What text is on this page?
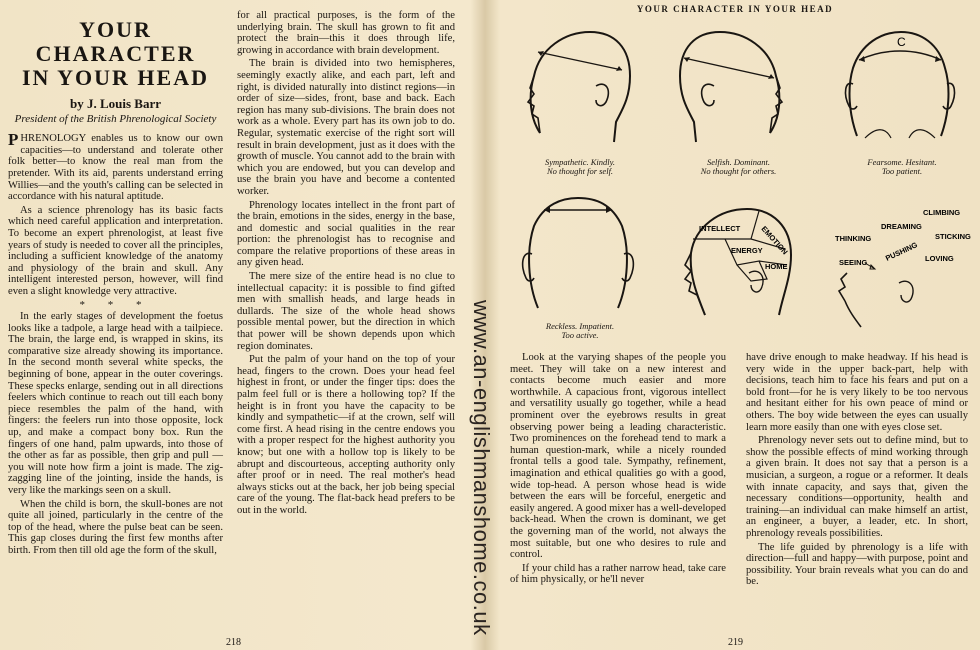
YOUR CHARACTER
IN YOUR HEAD
by J. Louis Barr
President of the British Phrenological Society

PHRENOLOGY enables us to know our own capacities—to understand and tolerate other folk better—to know the real man from the pretender. With its aid, parents understand erring Willies—and the youth's calling can be selected in accordance with his natural aptitude.

As a science phrenology has its basic facts which need careful application and interpretation. To become an expert phrenologist, at least five years of study is needed to cover all the principles, including a sufficient knowledge of the anatomy and physiology of the brain and skull. Any intelligent interested person, however, will find even a slight knowledge very attractive.

* * *

In the early stages of development the foetus looks like a tadpole, a large head with a tailpiece. The brain, the large end, is wrapped in skins, its comparative size already showing its importance. In the second month several white specks, the beginning of bone, appear in the outer coverings. These specks enlarge, sending out in all directions feelers which continue to reach out till each bony piece resembles the palm of the hand, with fingers: the feelers run into those opposite, lock up, and make a compact bony box. Run the fingers of one hand, palm upwards, into those of the other as far as possible, then grip and pull —you will note how firm a joint is made. The zig-zagging line of the jointing, inside the hands, is very like the markings seen on a skull.

When the child is born, the skull-bones are not quite all joined, particularly in the centre of the top of the head, where the pulse beat can be seen. This gap closes during the first few months after birth. From then till old age the form of the skull,

for all practical purposes, is the form of the underlying brain. The skull has grown to fit and protect the brain—this it does through life, growing in accordance with brain development.

The brain is divided into two hemispheres, seemingly exactly alike, and each part, left and right, is divided naturally into distinct regions—in order of size—sides, front, base and back. Each region has many sub-divisions. The brain does not work as a whole. Every part has its own job to do. Regular, systematic exercise of the right sort will result in brain development, just as it does with the growth of muscle. You cannot add to the brain with which you are endowed, but you can develop and use the brain you have and become a contented worker.

Phrenology locates intellect in the front part of the brain, emotions in the sides, energy in the base, and domestic and social qualities in the rear portion: the phrenologist has to recognise and compare the relative proportions of these areas in any given head.

The mere size of the entire head is no clue to intellectual capacity: it is possible to find gifted men with smallish heads, and large heads in dullards. The size of the whole head shows possible mental power, but the direction in which that power will be shown depends upon which region dominates.

Put the palm of your hand on the top of your head, fingers to the crown. Does your head feel highest in front, or under the finger tips: does the palm feel full or is there a hollowing top? If the height is in front you have the capacity to be kindly and sympathetic—if at the crown, self will come first. A head rising in the centre endows you with a proper respect for the highest authority you know; but one with a hollow top is likely to be abrupt and discourteous, accepting authority only after proof or in need. The real mother's head always sticks out at the back, her job being special care of the young. The flat-back head prefers to be out in the world.

218
www.an-englishmanshome.co.uk
YOUR CHARACTER IN YOUR HEAD
Sympathetic. Kindly.
No thought for self.
Selfish. Dominant.
No thought for others.
C
Fearsome. Hesitant.
Too patient.
Reckless. Impatient.
Too active.
INTELLECT	EMOTION
ENERGY
HOME
CLIMBING
DREAMING
THINKING	STICKING
PUSHING
SEEING	LOVING

Look at the varying shapes of the people you meet. They will take on a new interest and contacts become much easier and more worthwhile. A capacious front, vigorous intellect and versatility usually go together, while a head prominent over the eyebrows results in great observing power being a leading characteristic. Two prominences on the forehead tend to mark a human question-mark, while a nicely rounded frontal tells a good tale. Sympathy, refinement, imagination and ethical qualities go with a good, wide top-head. A person whose head is wide between the ears will be forceful, energetic and easily angered. A good mixer has a well-developed back-head. When the crown is dominant, we get the governing man of the world, not always the most suitable, but one who desires to rule and control.

If your child has a rather narrow head, take care of him physically, or he'll never

have drive enough to make headway. If his head is very wide in the upper back-part, help with decisions, teach him to face his fears and put on a bold front—for he is very likely to be too nervous and hesitant either for his own peace of mind or others. The boy wide between the eyes can usually learn more easily than one with eyes close set.

Phrenology never sets out to define mind, but to show the possible effects of mind working through a given brain. It does not say that a person is a musician, a surgeon, a rogue or a reformer. It deals with innate capacity, and says that, given the necessary conditions—opportunity, health and training—an individual can make himself an artist, an engineer, a buyer, a leader, etc. In short, phrenology reveals possibilities.

The life guided by phrenology is a life with direction—full and happy—with purpose, point and possibility. Your brain reveals what you can do and be.

219
